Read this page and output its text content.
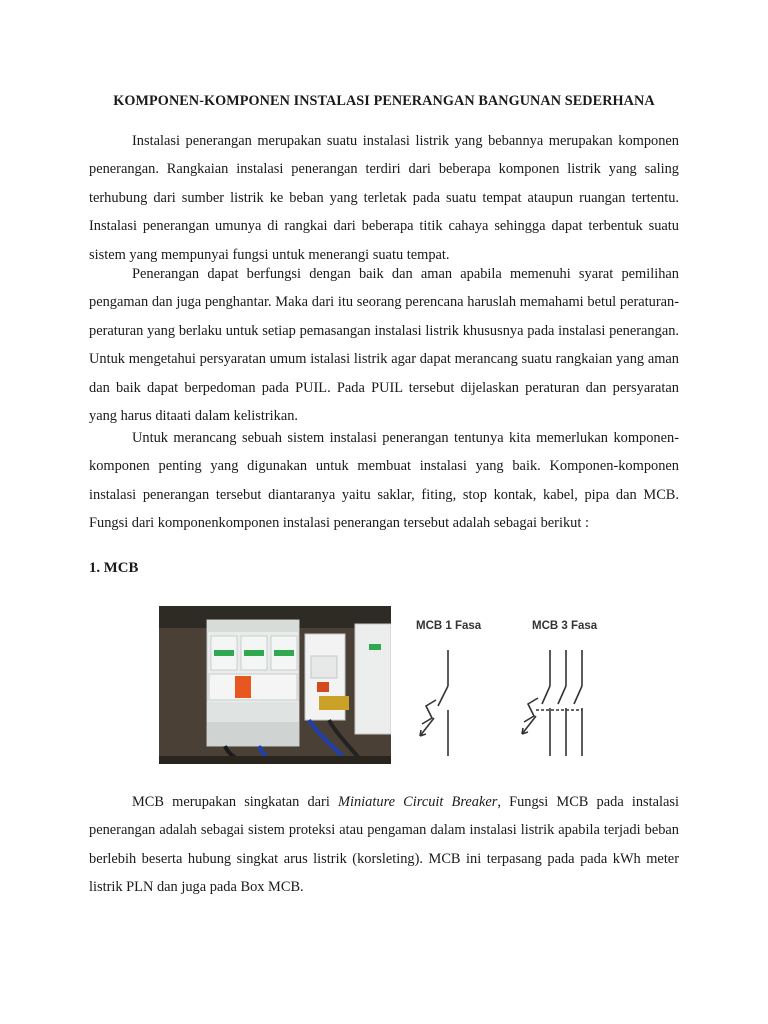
KOMPONEN-KOMPONEN INSTALASI PENERANGAN BANGUNAN SEDERHANA

Instalasi penerangan merupakan suatu instalasi listrik yang bebannya merupakan komponen penerangan. Rangkaian instalasi penerangan terdiri dari beberapa komponen listrik yang saling terhubung dari sumber listrik ke beban yang terletak pada suatu tempat ataupun ruangan tertentu. Instalasi penerangan umunya di rangkai dari beberapa titik cahaya sehingga dapat terbentuk suatu sistem yang mempunyai fungsi untuk menerangi suatu tempat.

Penerangan dapat berfungsi dengan baik dan aman apabila memenuhi syarat pemilihan pengaman dan juga penghantar. Maka dari itu seorang perencana haruslah memahami betul peraturan-peraturan yang berlaku untuk setiap pemasangan instalasi listrik khususnya pada instalasi penerangan. Untuk mengetahui persyaratan umum istalasi listrik agar dapat merancang suatu rangkaian yang aman dan baik dapat berpedoman pada PUIL. Pada PUIL tersebut dijelaskan peraturan dan persyaratan yang harus ditaati dalam kelistrikan.

Untuk merancang sebuah sistem instalasi penerangan tentunya kita memerlukan komponen-komponen penting yang digunakan untuk membuat instalasi yang baik. Komponen-komponen instalasi penerangan tersebut diantaranya yaitu saklar, fiting, stop kontak, kabel, pipa dan MCB. Fungsi dari komponenkomponen instalasi penerangan tersebut adalah sebagai berikut :

1. MCB
MCB 1 Fasa	MCB 3 Fasa

MCB merupakan singkatan dari Miniature Circuit Breaker, Fungsi MCB pada instalasi penerangan adalah sebagai sistem proteksi atau pengaman dalam instalasi listrik apabila terjadi beban berlebih beserta hubung singkat arus listrik (korsleting). MCB ini terpasang pada pada kWh meter listrik PLN dan juga pada Box MCB.
